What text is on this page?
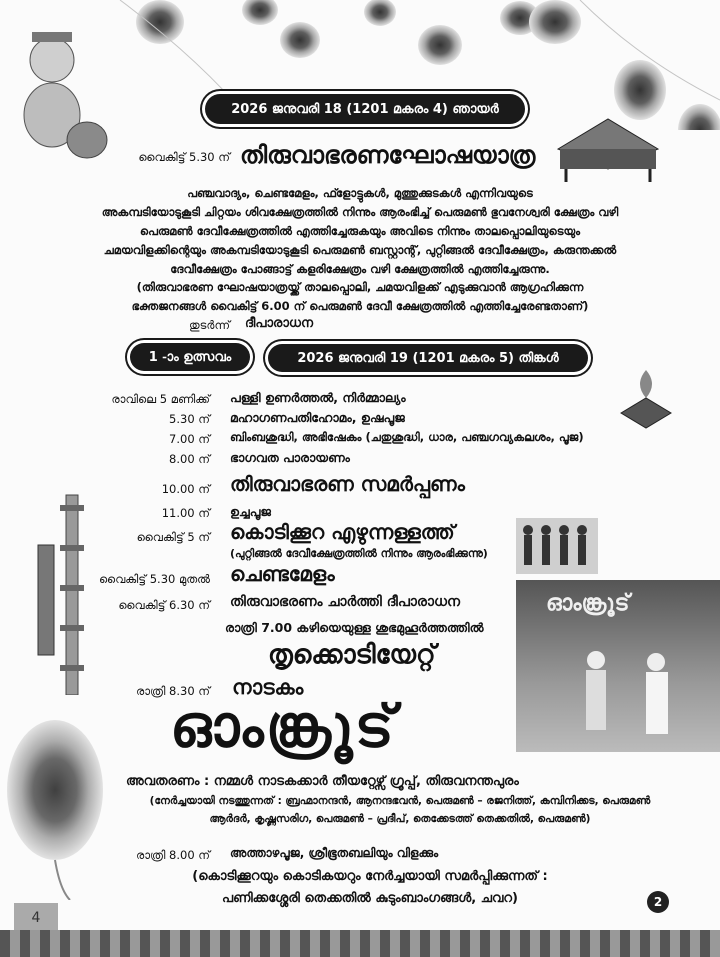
2026 ജനുവരി 18 (1201 മകരം 4) ഞായർ
വൈകിട്ട് 5.30 ന് തിരുവാഭരണഘോഷയാത്ര
പഞ്ചവാദ്യം, ചെണ്ടമേളം, ഫ്ളോട്ടുകൾ, മുത്തുക്കുടകൾ എന്നിവയുടെ
അകമ്പടിയോടുകൂടി ചിറ്റയം ശിവക്ഷേത്രത്തിൽ നിന്നും ആരംഭിച്ച് പെരുമൺ ഭുവനേശ്വരി ക്ഷേത്രം വഴി
പെരുമൺ ദേവീക്ഷേത്രത്തിൽ എത്തിച്ചേരുകയും അവിടെ നിന്നും താലപ്പൊലിയുടെയും
ചമയവിളക്കിന്റെയും അകമ്പടിയോടുകൂടി പെരുമൺ ബസ്റ്റാന്റ്, പുറ്റിങ്ങൽ ദേവീക്ഷേത്രം, കരുന്തക്കൽ
ദേവീക്ഷേത്രം പോങ്ങാട്ട് കളരിക്ഷേത്രം വഴി ക്ഷേത്രത്തിൽ എത്തിച്ചേരുന്നു.
(തിരുവാഭരണ ഘോഷയാത്രയ്ക്ക് താലപ്പൊലി, ചമയവിളക്ക് എടുക്കുവാൻ ആഗ്രഹിക്കുന്ന
ഭക്തജനങ്ങൾ വൈകിട്ട് 6.00 ന് പെരുമൺ ദേവീ ക്ഷേത്രത്തിൽ എത്തിച്ചേരേണ്ടതാണ്)
തുടർന്ന് ദീപാരാധന
1 -ാം ഉത്സവം	2026 ജനുവരി 19 (1201 മകരം 5) തിങ്കൾ
രാവിലെ 5 മണിക്ക് പള്ളി ഉണർത്തൽ, നിർമ്മാല്യം
5.30 ന് മഹാഗണപതിഹോമം, ഉഷപൂജ
7.00 ന് ബിംബശുദ്ധി, അഭിഷേകം (ചതുശുദ്ധി, ധാര, പഞ്ചഗവ്യകലശം, പൂജ)
8.00 ന് ഭാഗവത പാരായണം
10.00 ന് തിരുവാഭരണ സമർപ്പണം
11.00 ന് ഉച്ചപൂജ
വൈകിട്ട് 5 ന് കൊടിക്കൂറ എഴുന്നള്ളത്ത്
(പുറ്റിങ്ങൽ ദേവീക്ഷേത്രത്തിൽ നിന്നും ആരംഭിക്കുന്നു)
വൈകിട്ട് 5.30 മുതൽ ചെണ്ടമേളം
വൈകിട്ട് 6.30 ന് തിരുവാഭരണം ചാർത്തി ദീപാരാധന
രാത്രി 7.00 കഴിയെയുള്ള ശുഭമുഹൂർത്തത്തിൽ
തൃക്കൊടിയേറ്റ്
ഓംങ്ക്രൂട്
രാത്രി 8.30 ന് നാടകം
ഓംങ്ക്രൂട്
അവതരണം : നമ്മൾ നാടകക്കാർ തീയറ്റേഴ്സ് ഗ്രൂപ്പ്, തിരുവനന്തപുരം
(നേർച്ചയായി നടത്തുന്നത് : ബ്രഹ്മാനന്ദൻ, ആനന്ദഭവൻ, പെരുമൺ – രജനിത്ത്, കമ്പിനിക്കട, പെരുമൺ
ആർദർ, കൃഷ്ണസരിഗ, പെരുമൺ – പ്രദീപ്, തെക്കേടത്ത് തെക്കതിൽ, പെരുമൺ)
രാത്രി 8.00 ന് അത്താഴപൂജ, ശ്രീഭൂതബലിയും വിളക്കും
(കൊടിക്കൂറയും കൊടികയറും നേർച്ചയായി സമർപ്പിക്കുന്നത് :
പണിക്കശ്ശേരി തെക്കതിൽ കുടുംബാംഗങ്ങൾ, ചവറ)	2
4
